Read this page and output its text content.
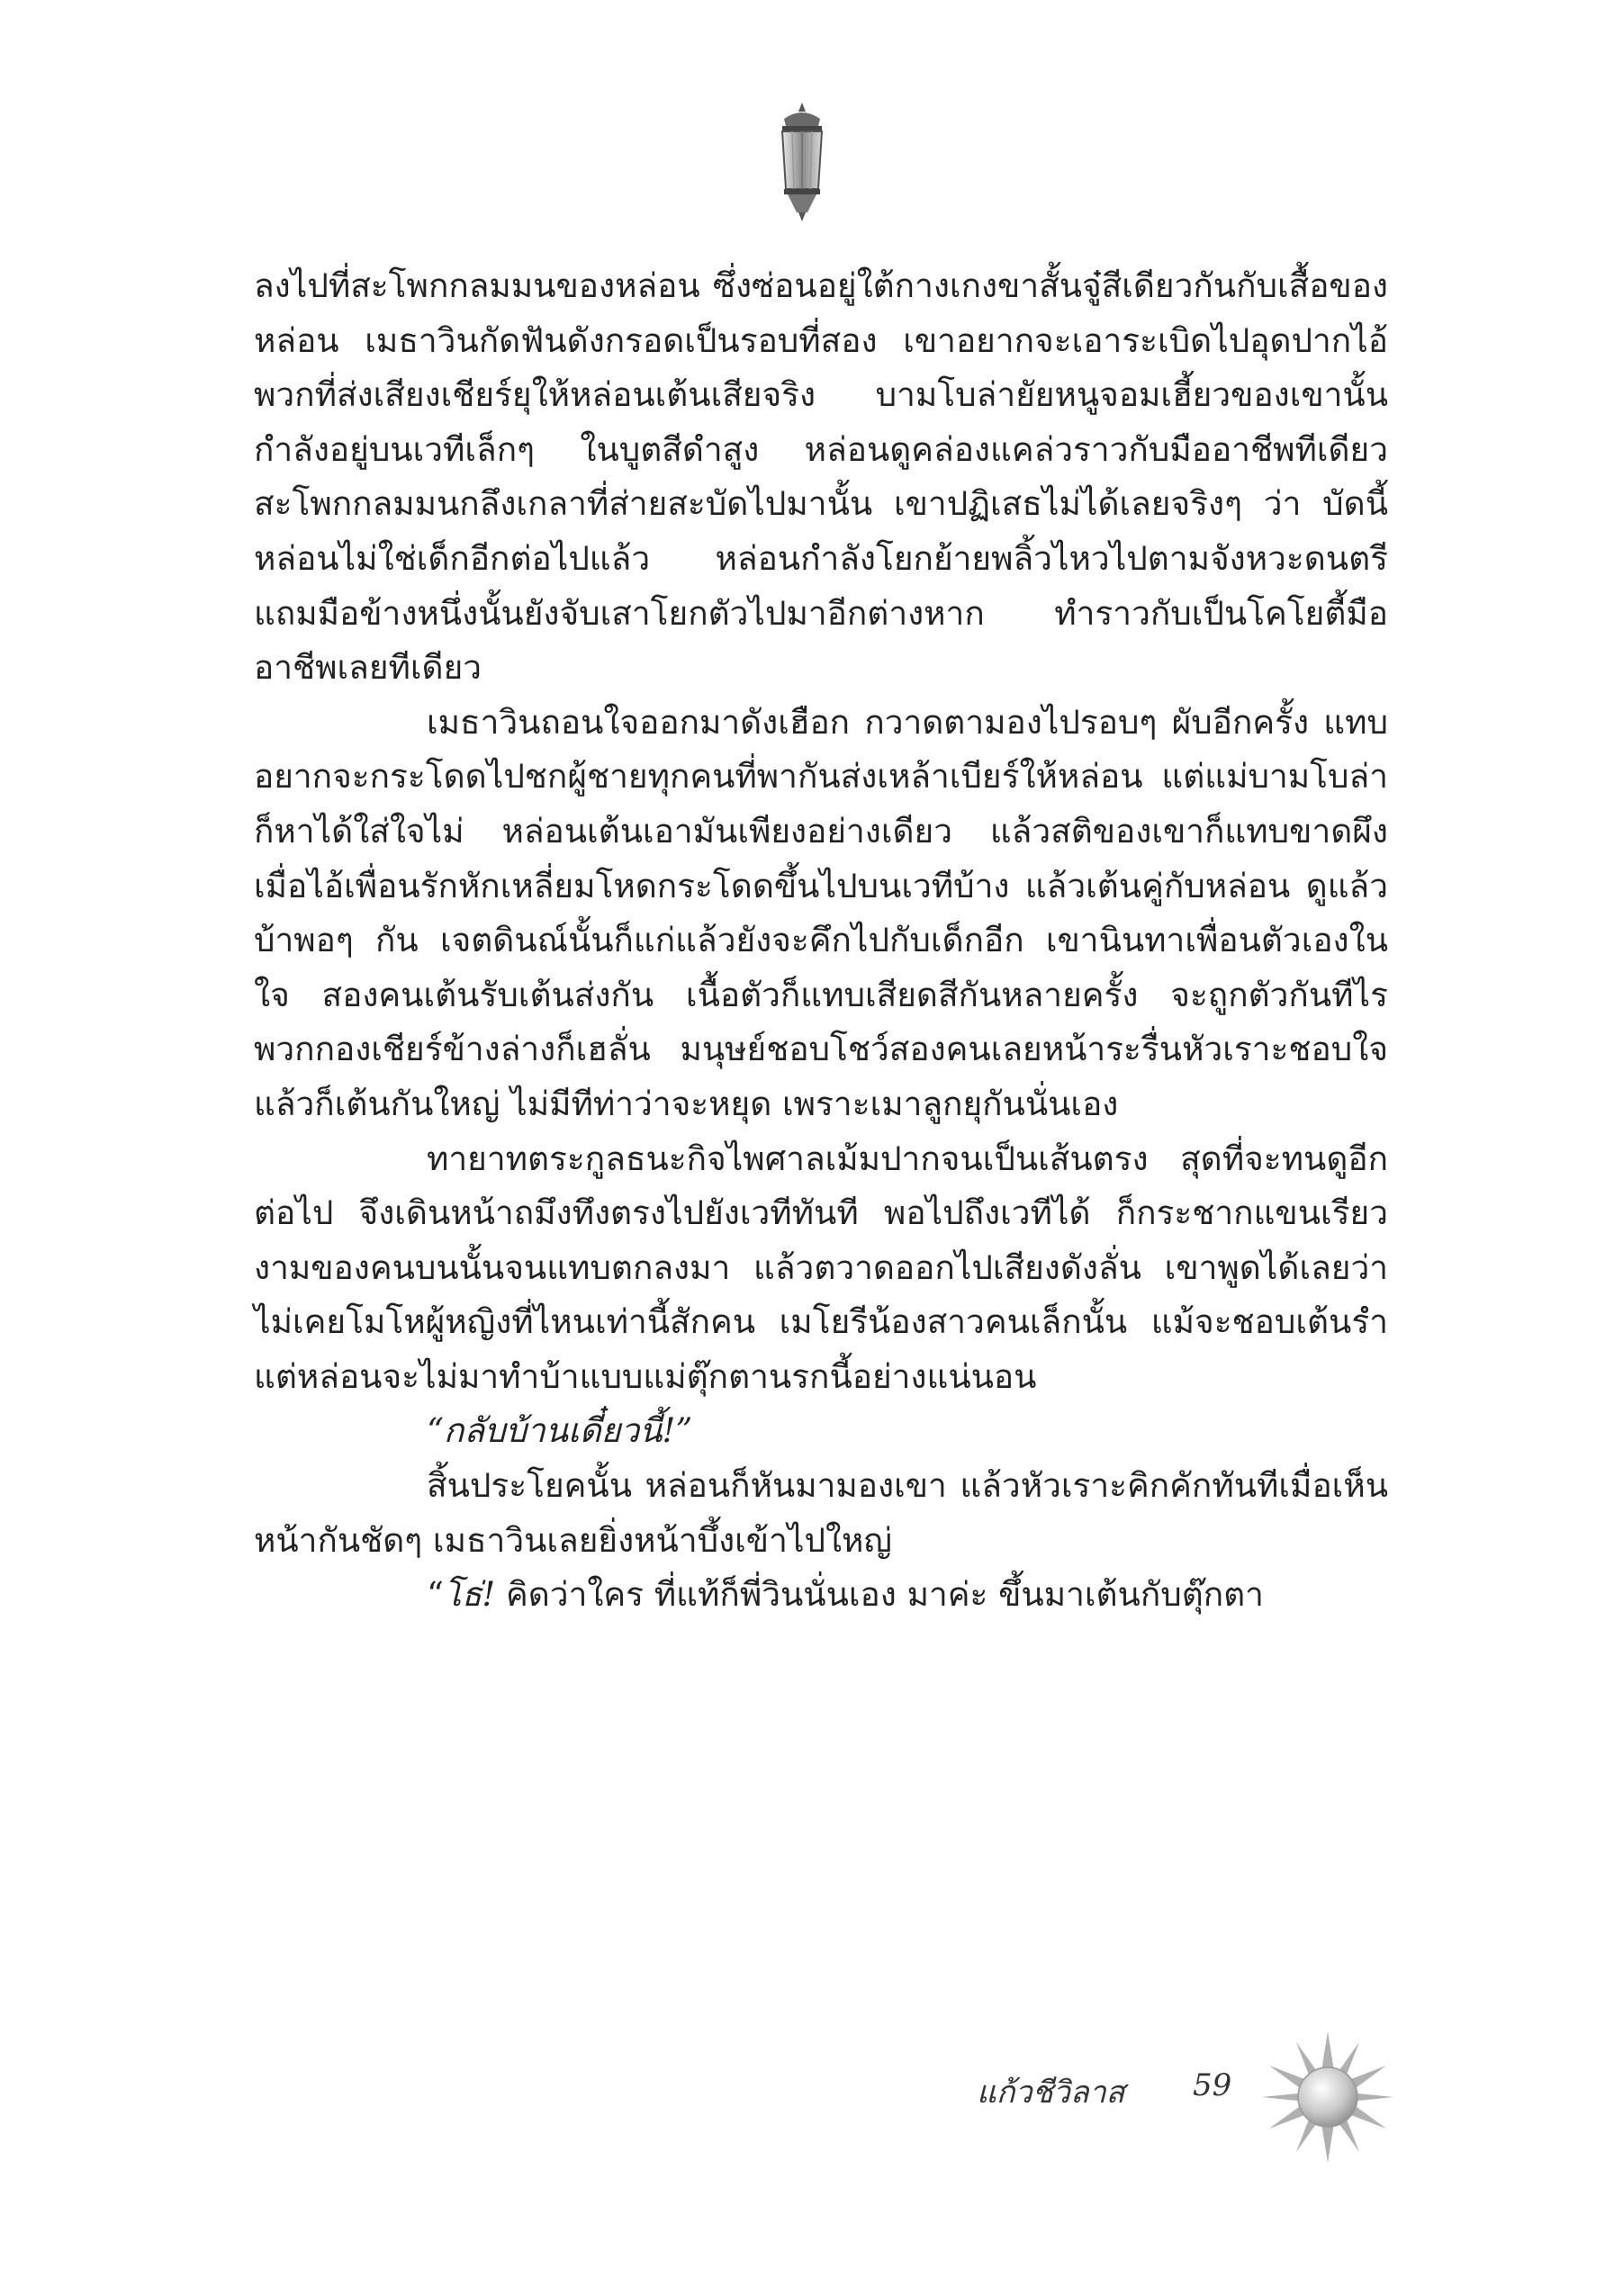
ลงไปที่สะโพกกลมมนของหล่อน ซึ่งซ่อนอยู่ใต้กางเกงขาสั้นจู๋สีเดียวกันกับเสื้อของหล่อน เมธาวินกัดฟันดังกรอดเป็นรอบที่สอง เขาอยากจะเอาระเบิดไปอุดปากไอ้พวกที่ส่งเสียงเชียร์ยุให้หล่อนเต้นเสียจริง บามโบล่ายัยหนูจอมเฮี้ยวของเขานั้นกำลังอยู่บนเวทีเล็กๆ ในบูตสีดำสูง หล่อนดูคล่องแคล่วราวกับมืออาชีพทีเดียว สะโพกกลมมนกลึงเกลาที่ส่ายสะบัดไปมานั้น เขาปฏิเสธไม่ได้เลยจริงๆ ว่า บัดนี้หล่อนไม่ใช่เด็กอีกต่อไปแล้ว หล่อนกำลังโยกย้ายพลิ้วไหวไปตามจังหวะดนตรี แถมมือข้างหนึ่งนั้นยังจับเสาโยกตัวไปมาอีกต่างหาก ทำราวกับเป็นโคโยตี้มืออาชีพเลยทีเดียว

เมธาวินถอนใจออกมาดังเฮือก กวาดตามองไปรอบๆ ผับอีกครั้ง แทบอยากจะกระโดดไปชกผู้ชายทุกคนที่พากันส่งเหล้าเบียร์ให้หล่อน แต่แม่บามโบล่าก็หาได้ใส่ใจไม่ หล่อนเต้นเอามันเพียงอย่างเดียว แล้วสติของเขาก็แทบขาดผึง เมื่อไอ้เพื่อนรักหักเหลี่ยมโหดกระโดดขึ้นไปบนเวทีบ้าง แล้วเต้นคู่กับหล่อน ดูแล้วบ้าพอๆ กัน เจตดินณ์นั้นก็แก่แล้วยังจะคึกไปกับเด็กอีก เขานินทาเพื่อนตัวเองในใจ สองคนเต้นรับเต้นส่งกัน เนื้อตัวก็แทบเสียดสีกันหลายครั้ง จะถูกตัวกันทีไร พวกกองเชียร์ข้างล่างก็เฮลั่น มนุษย์ชอบโชว์สองคนเลยหน้าระรื่นหัวเราะชอบใจ แล้วก็เต้นกันใหญ่ ไม่มีทีท่าว่าจะหยุด เพราะเมาลูกยุกันนั่นเอง

ทายาทตระกูลธนะกิจไพศาลเม้มปากจนเป็นเส้นตรง สุดที่จะทนดูอีกต่อไป จึงเดินหน้าถมึงทึงตรงไปยังเวทีทันที พอไปถึงเวทีได้ ก็กระชากแขนเรียวงามของคนบนนั้นจนแทบตกลงมา แล้วตวาดออกไปเสียงดังลั่น เขาพูดได้เลยว่าไม่เคยโมโหผู้หญิงที่ไหนเท่านี้สักคน เมโยรีน้องสาวคนเล็กนั้น แม้จะชอบเต้นรำ แต่หล่อนจะไม่มาทำบ้าแบบแม่ตุ๊กตานรกนี้อย่างแน่นอน

“กลับบ้านเดี๋ยวนี้!”

สิ้นประโยคนั้น หล่อนก็หันมามองเขา แล้วหัวเราะคิกคักทันทีเมื่อเห็นหน้ากันชัดๆ เมธาวินเลยยิ่งหน้าบึ้งเข้าไปใหญ่

“โธ่! คิดว่าใคร ที่แท้ก็พี่วินนั่นเอง มาค่ะ ขึ้นมาเต้นกับตุ๊กตา

แก้วชีวิลาส 59
